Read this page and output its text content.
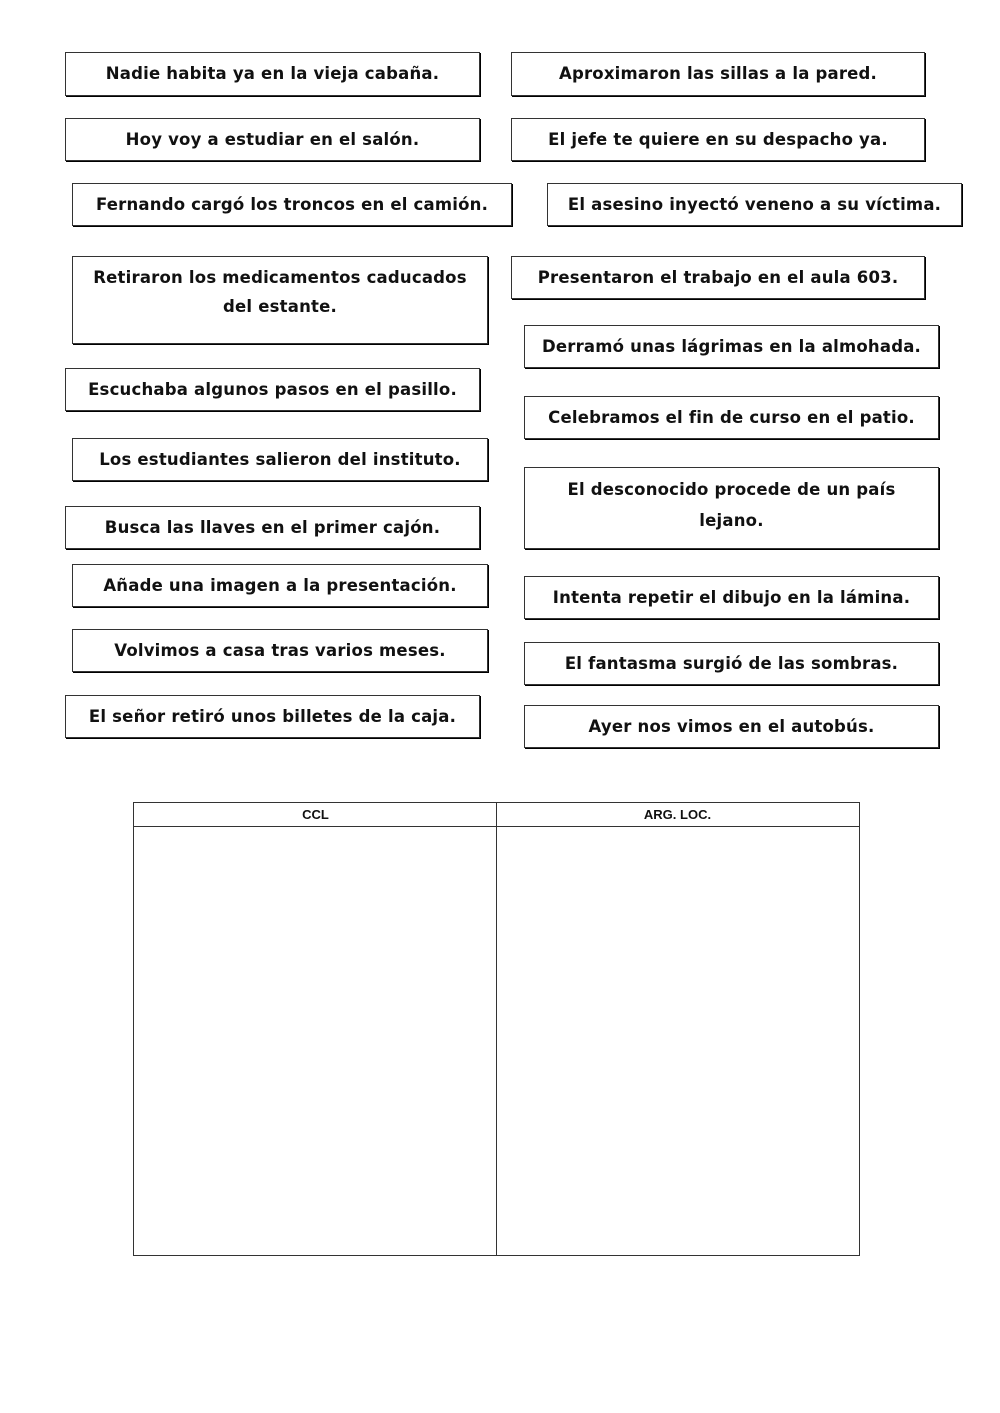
Nadie habita ya en la vieja cabaña.
Hoy voy a estudiar en el salón.
Fernando cargó los troncos en el camión.
Retiraron los medicamentos caducados del estante.
Escuchaba algunos pasos en el pasillo.
Los estudiantes salieron del instituto.
Busca las llaves en el primer cajón.
Añade una imagen a la presentación.
Volvimos a casa tras varios meses.
El señor retiró unos billetes de la caja.
Aproximaron las sillas a la pared.
El jefe te quiere en su despacho ya.
El asesino inyectó veneno a su víctima.
Presentaron el trabajo en el aula 603.
Derramó unas lágrimas en la almohada.
Celebramos el fin de curso en el patio.
El desconocido procede de un país lejano.
Intenta repetir el dibujo en la lámina.
El fantasma surgió de las sombras.
Ayer nos vimos en el autobús.
CCL	ARG. LOC.
